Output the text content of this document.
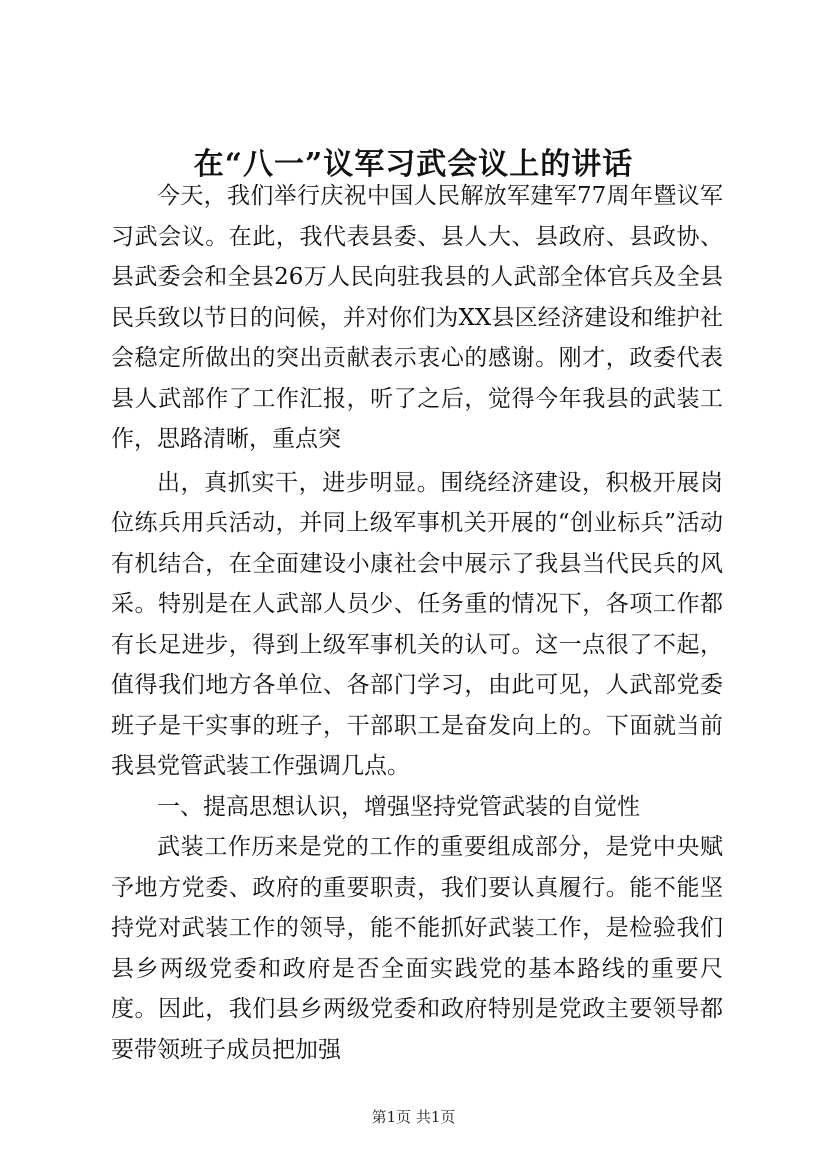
在“八一”议军习武会议上的讲话

今天，我们举行庆祝中国人民解放军建军77周年暨议军习武会议。在此，我代表县委、县人大、县政府、县政协、县武委会和全县26万人民向驻我县的人武部全体官兵及全县民兵致以节日的问候，并对你们为XX县区经济建设和维护社会稳定所做出的突出贡献表示衷心的感谢。刚才，政委代表县人武部作了工作汇报，听了之后，觉得今年我县的武装工作，思路清晰，重点突

出，真抓实干，进步明显。围绕经济建设，积极开展岗位练兵用兵活动，并同上级军事机关开展的“创业标兵”活动有机结合，在全面建设小康社会中展示了我县当代民兵的风采。特别是在人武部人员少、任务重的情况下，各项工作都有长足进步，得到上级军事机关的认可。这一点很了不起，值得我们地方各单位、各部门学习，由此可见，人武部党委班子是干实事的班子，干部职工是奋发向上的。下面就当前我县党管武装工作强调几点。

一、提高思想认识，增强坚持党管武装的自觉性

武装工作历来是党的工作的重要组成部分，是党中央赋予地方党委、政府的重要职责，我们要认真履行。能不能坚持党对武装工作的领导，能不能抓好武装工作，是检验我们县乡两级党委和政府是否全面实践党的基本路线的重要尺度。因此，我们县乡两级党委和政府特别是党政主要领导都要带领班子成员把加强

第1页 共1页
